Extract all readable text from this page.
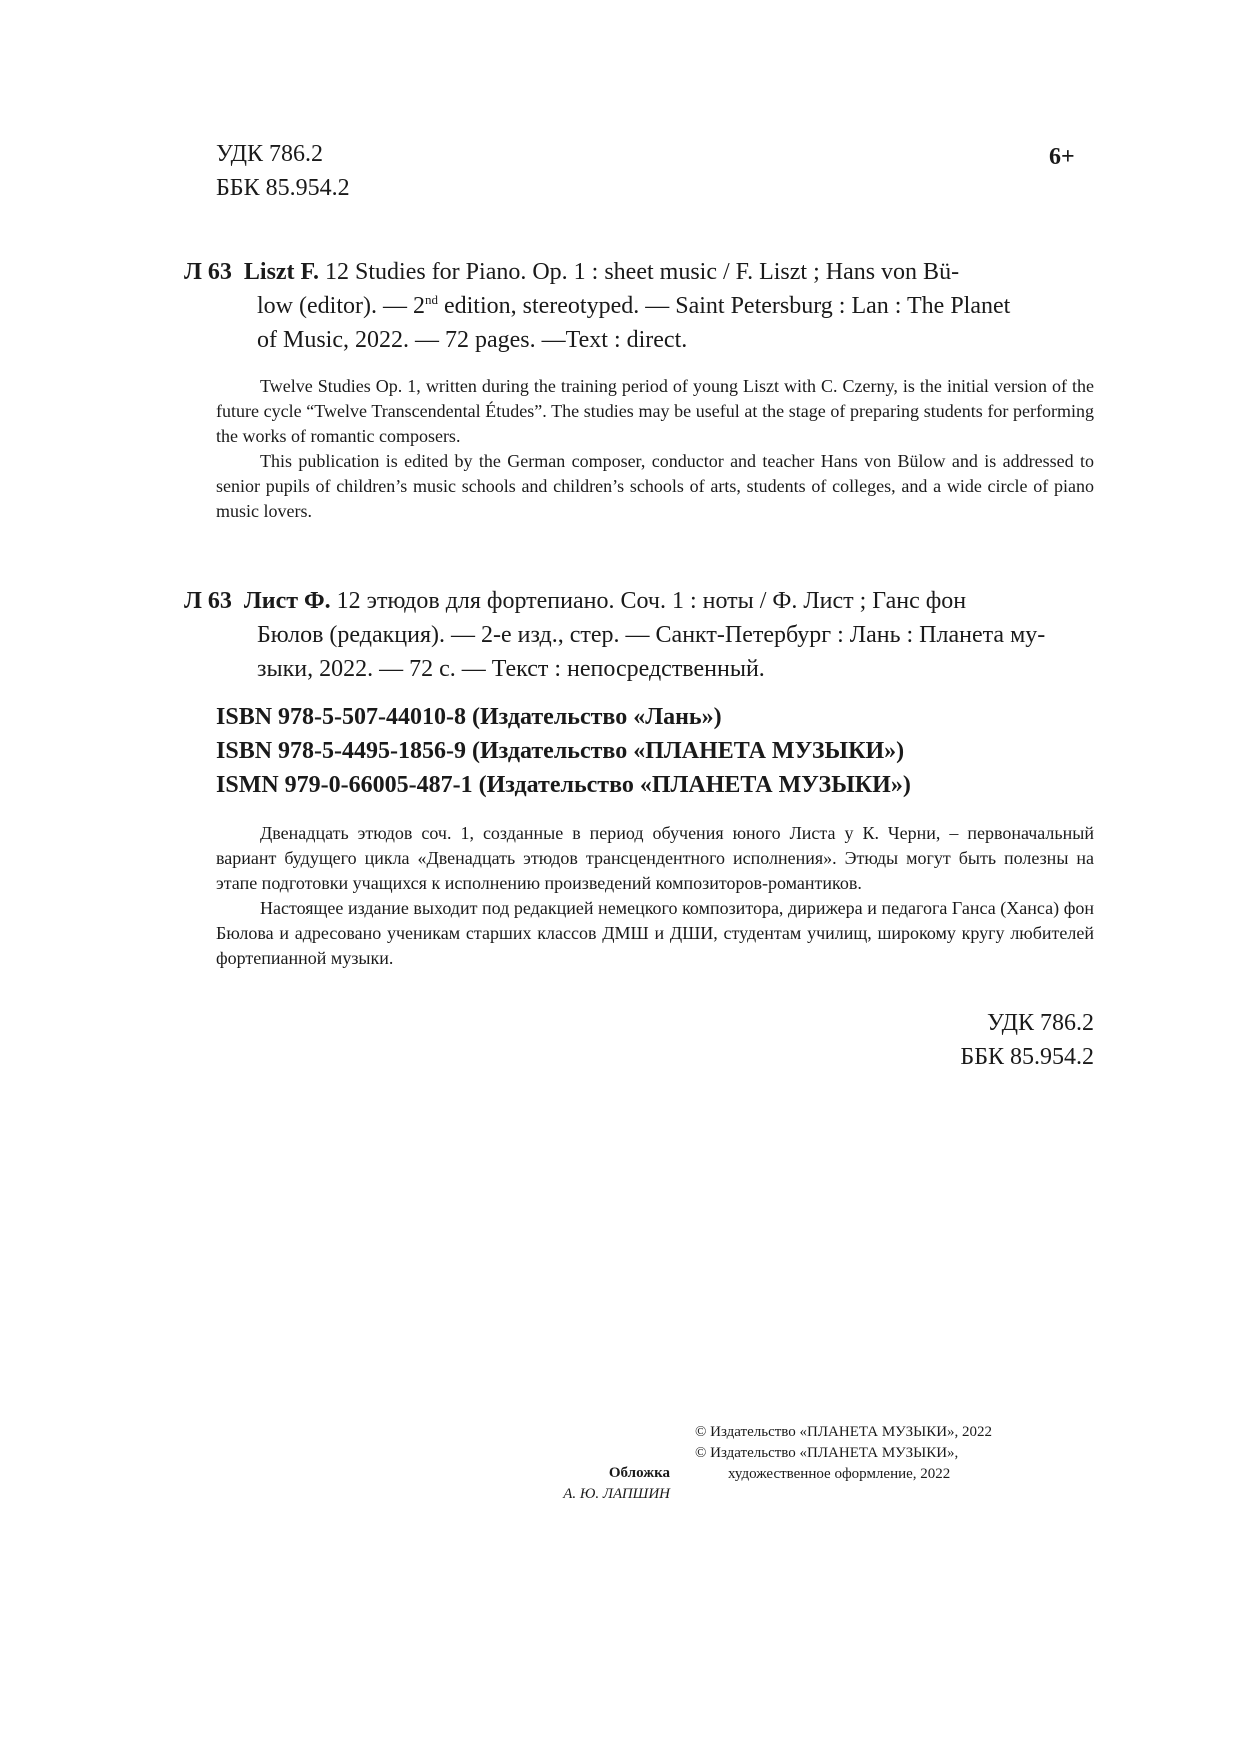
УДК 786.2
ББК 85.954.2
6+
Л 63 Liszt F. 12 Studies for Piano. Op. 1 : sheet music / F. Liszt ; Hans von Bü-
low (editor). — 2nd edition, stereotyped. — Saint Petersburg : Lan : The Planet
of Music, 2022. — 72 pages. —Text : direct.

Twelve Studies Op. 1, written during the training period of young Liszt with C. Czerny, is the initial version of the future cycle “Twelve Transcendental Études”. The studies may be useful at the stage of preparing students for performing the works of romantic composers.

This publication is edited by the German composer, conductor and teacher Hans von Bülow and is addressed to senior pupils of children’s music schools and children’s schools of arts, students of colleges, and a wide circle of piano music lovers.

Л 63 Лист Ф. 12 этюдов для фортепиано. Соч. 1 : ноты / Ф. Лист ; Ганс фон
Бюлов (редакция). — 2-е изд., стер. — Санкт-Петербург : Лань : Планета му-
зыки, 2022. — 72 с. — Текст : непосредственный.
ISBN 978-5-507-44010-8 (Издательство «Лань»)
ISBN 978-5-4495-1856-9 (Издательство «ПЛАНЕТА МУЗЫКИ»)
ISMN 979-0-66005-487-1 (Издательство «ПЛАНЕТА МУЗЫКИ»)

Двенадцать этюдов соч. 1, созданные в период обучения юного Листа у К. Черни, – первоначальный вариант будущего цикла «Двенадцать этюдов трансцендентного исполнения». Этюды могут быть полезны на этапе подготовки учащихся к исполнению произведений композиторов-романтиков.

Настоящее издание выходит под редакцией немецкого композитора, дирижера и педагога Ганса (Ханса) фон Бюлова и адресовано ученикам старших классов ДМШ и ДШИ, студентам училищ, широкому кругу любителей фортепианной музыки.

УДК 786.2
ББК 85.954.2
Обложка
А. Ю. ЛАПШИН
© Издательство «ПЛАНЕТА МУЗЫКИ», 2022
© Издательство «ПЛАНЕТА МУЗЫКИ»,
художественное оформление, 2022
